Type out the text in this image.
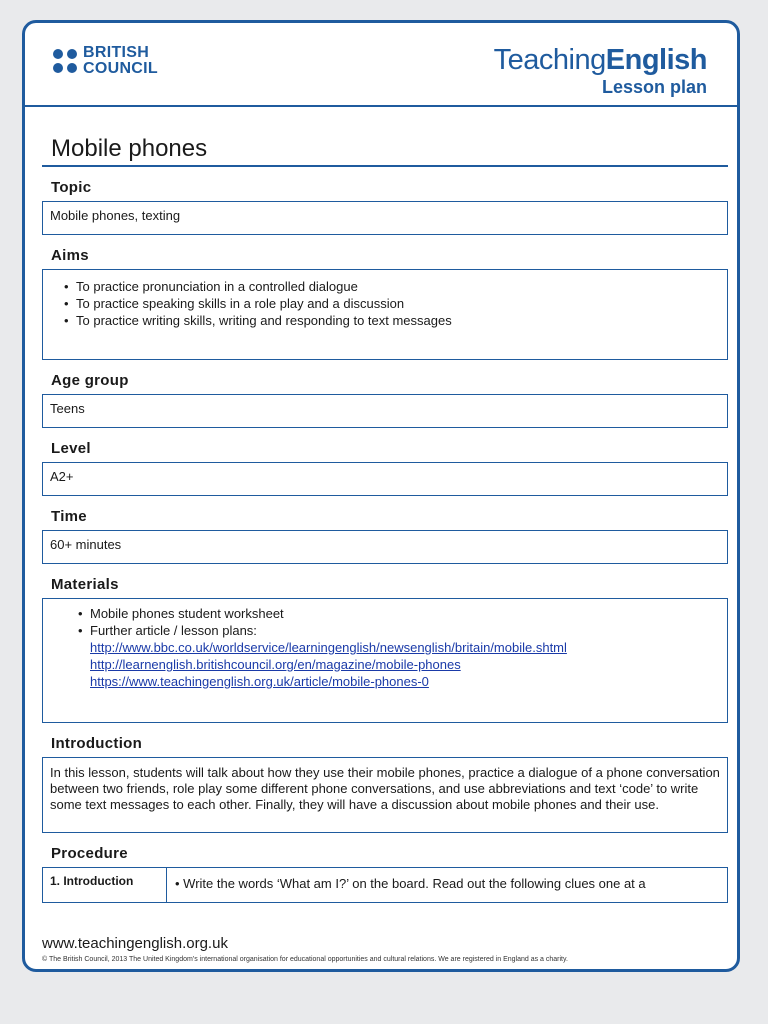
BRITISH
COUNCIL	TeachingEnglish
Lesson plan
Mobile phones
Topic
Mobile phones, texting
Aims
• To practice pronunciation in a controlled dialogue
• To practice speaking skills in a role play and a discussion
• To practice writing skills, writing and responding to text messages
Age group
Teens
Level
A2+
Time
60+ minutes
Materials
• Mobile phones student worksheet
• Further article / lesson plans:
http://www.bbc.co.uk/worldservice/learningenglish/newsenglish/britain/mobile.shtml
http://learnenglish.britishcouncil.org/en/magazine/mobile-phones
https://www.teachingenglish.org.uk/article/mobile-phones-0
Introduction
In this lesson, students will talk about how they use their mobile phones, practice a dialogue of a phone conversation between two friends, role play some different phone conversations, and use abbreviations and text ‘code’ to write some text messages to each other. Finally, they will have a discussion about mobile phones and their use.
Procedure
1. Introduction	• Write the words ‘What am I?’ on the board. Read out the following clues one at a
www.teachingenglish.org.uk
© The British Council, 2013 The United Kingdom’s international organisation for educational opportunities and cultural relations. We are registered in England as a charity.
